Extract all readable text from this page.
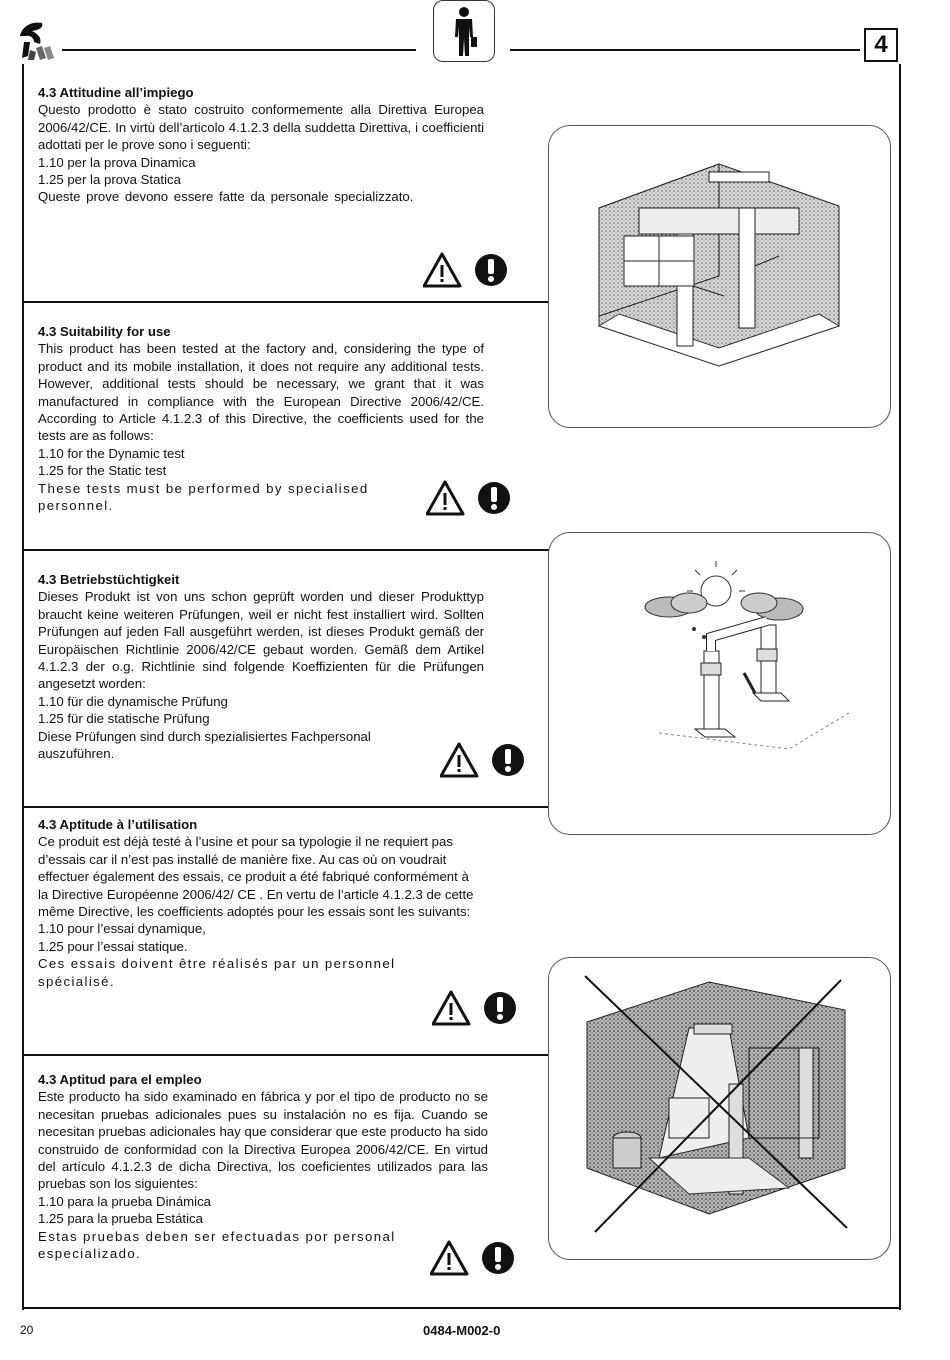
4
4.3 Attitudine all’impiego

Questo prodotto è stato costruito conformemente alla Direttiva Europea 2006/42/CE. In virtù dell’articolo 4.1.2.3 della suddetta Direttiva, i coefficienti adottati per le prove sono i seguenti:

1.10 per la prova Dinamica
1.25 per la prova Statica

Queste prove devono essere fatte da personale specializzato.

4.3 Suitability for use

This product has been tested at the factory and, considering the type of product and its mobile installation, it does not require any additional tests. However, additional tests should be necessary, we grant that it was manufactured in compliance with the European Directive 2006/42/CE. According to Article 4.1.2.3 of this Directive, the coefficients used for the tests are as follows:

1.10 for the Dynamic test
1.25 for the Static test

These tests must be performed by specialised personnel.

4.3 Betriebstüchtigkeit

Dieses Produkt ist von uns schon geprüft worden und dieser Produkttyp braucht keine weiteren Prüfungen, weil er nicht fest installiert wird. Sollten Prüfungen auf jeden Fall ausgeführt werden, ist dieses Produkt gemäß der Europäischen Richtlinie 2006/42/CE gebaut worden. Gemäß dem Artikel 4.1.2.3 der o.g. Richtlinie sind folgende Koeffizienten für die Prüfungen angesetzt worden:

1.10 für die dynamische Prüfung
1.25 für die statische Prüfung

Diese Prüfungen sind durch spezialisiertes Fachpersonal auszuführen.

4.3 Aptitude à l’utilisation

Ce produit est déjà testé à l’usine et pour sa typologie il ne requiert pas d’essais car il n’est pas installé de manière fixe. Au cas où on voudrait effectuer également des essais, ce produit a été fabriqué conformément à la Directive Européenne 2006/42/ CE . En vertu de l’article 4.1.2.3 de cette même Directive, les coefficients adoptés pour les essais sont les suivants:

1.10 pour l’essai dynamique,
1.25 pour l’essai statique.

Ces essais doivent être réalisés par un personnel spécialisé.

4.3 Aptitud para el empleo

Este producto ha sido examinado en fábrica y por el tipo de producto no se necesitan pruebas adicionales pues su instalación no es fija. Cuando se necesitan pruebas adicionales hay que considerar que este producto ha sido construido de conformidad con la Directiva Europea 2006/42/CE. En virtud del artículo 4.1.2.3 de dicha Directiva, los coeficientes utilizados para las pruebas son los siguientes:

1.10 para la prueba Dinámica
1.25 para la prueba Estática

Estas pruebas deben ser efectuadas por personal especializado.

20	0484-M002-0
